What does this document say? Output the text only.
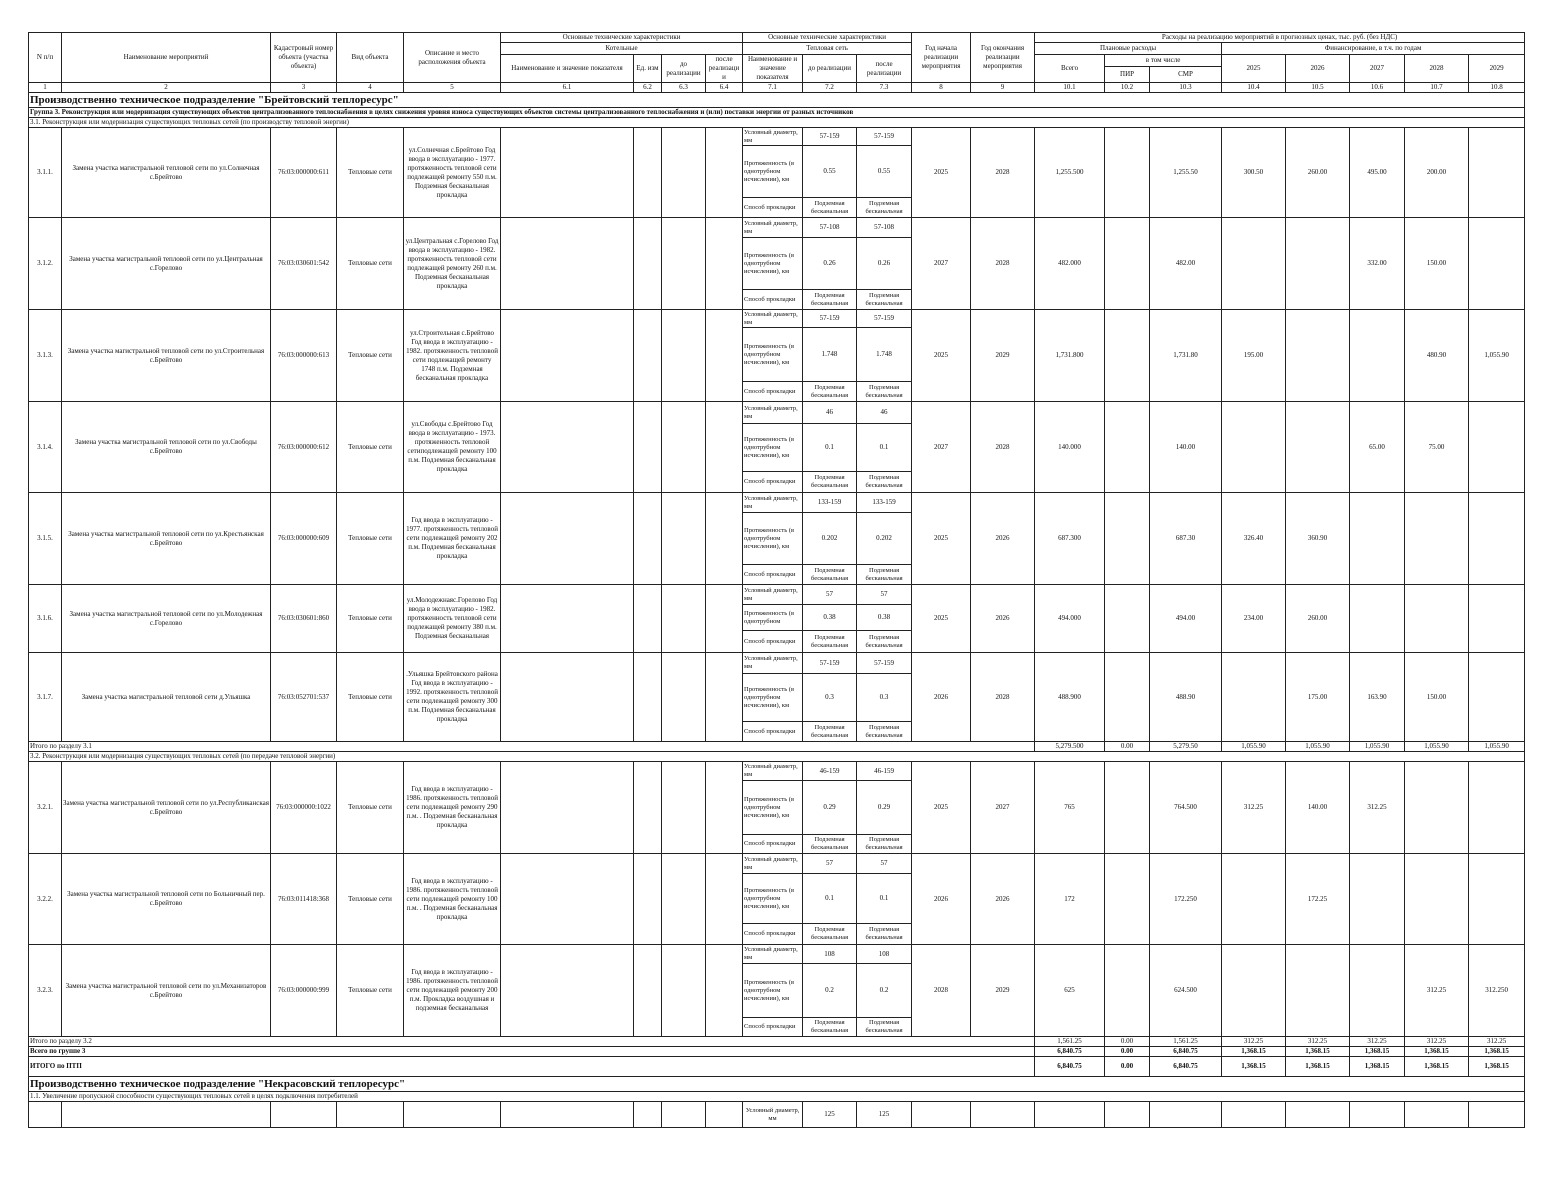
N п/п	Наименование мероприятий	Кадастровый номер объекта (участка объекта)	Вид объекта	Описание и место расположения объекта	Основные технические характеристики				Основные технические характеристики			Год начала реализации мероприятия	Год окончания реализации мероприятия	Расходы на реализацию мероприятий в прогнозных ценах, тыс. руб. (без НДС)							
					Котельные				Тепловая сеть					Плановые расходы			Финансирование, в т.ч. по годам				
					Наименование и значение показателя	Ед. изм	до реализации	после реализации	Наименование и значение показателя	до реализации	после реализации			Всего	в том числе		2025	2026	2027	2028	2029
															ПИР	СМР					
1	2	3	4	5	6.1	6.2	6.3	6.4	7.1	7.2	7.3	8	9	10.1	10.2	10.3	10.4	10.5	10.6	10.7	10.8
Производственно техническое подразделение "Брейтовский теплоресурс"																					
Группа 3. Реконструкция или модернизация существующих объектов централизованного теплоснабжения в целях снижения уровня износа существующих объектов системы централизованного теплоснабжения и (или) поставки энергии от разных источников																					
3.1. Реконструкция или модернизация существующих тепловых сетей (по производству тепловой энергии)																					
3.1.1.	Замена участка магистральной тепловой сети по ул.Солнечная с.Брейтово	76:03:000000:611	Тепловые сети	ул.Солнечная с.Брейтово Год ввода в эксплуатацию - 1977. протяженность тепловой сети подлежащей ремонту 550 п.м. Подземная бесканальная прокладка					Условный диаметр, мм	57-159	57-159	2025	2028	1,255.500		1,255.50	300.50	260.00	495.00	200.00	
									Протяженность (в однотрубном исчислении), км	0.55	0.55										
									Способ прокладки	Подземная бесканальная	Подземная бесканальная										
3.1.2.	Замена участка магистральной тепловой сети по ул.Центральная с.Горелово	76:03:030601:542	Тепловые сети	ул.Центральная с.Горелово Год ввода в эксплуатацию - 1982. протяженность тепловой сети подлежащей ремонту 260 п.м. Подземная бесканальная прокладка					Условный диаметр, мм	57-108	57-108	2027	2028	482.000		482.00			332.00	150.00	
									Протяженность (в однотрубном исчислении), км	0.26	0.26										
									Способ прокладки	Подземная бесканальная	Подземная бесканальная										
3.1.3.	Замена участка магистральной тепловой сети по ул.Строительная с.Брейтово	76:03:000000:613	Тепловые сети	ул.Строительная с.Брейтово Год ввода в эксплуатацию - 1982. протяженность тепловой сети подлежащей ремонту 1748 п.м. Подземная бесканальная прокладка					Условный диаметр, мм	57-159	57-159	2025	2029	1,731.800		1,731.80	195.00			480.90	1,055.90
									Протяженность (в однотрубном исчислении), км	1.748	1.748										
									Способ прокладки	Подземная бесканальная	Подземная бесканальная										
3.1.4.	Замена участка магистральной тепловой сети по ул.Свободы с.Брейтово	76:03:000000:612	Тепловые сети	ул.Свободы с.Брейтово Год ввода в эксплуатацию - 1973. протяженность тепловой сетиподлежащей ремонту 100 п.м. Подземная бесканальная прокладка					Условный диаметр, мм	46	46	2027	2028	140.000		140.00			65.00	75.00	
									Протяженность (в однотрубном исчислении), км	0.1	0.1										
									Способ прокладки	Подземная бесканальная	Подземная бесканальная										
3.1.5.	Замена участка магистральной тепловой сети по ул.Крестьянская с.Брейтово	76:03:000000:609	Тепловые сети	Год ввода в эксплуатацию - 1977. протяженность тепловой сети подлежащей ремонту 202 п.м. Подземная бесканальная прокладка					Условный диаметр, мм	133-159	133-159	2025	2026	687.300		687.30	326.40	360.90			
									Протяженность (в однотрубном исчислении), км	0.202	0.202										
									Способ прокладки	Подземная бесканальная	Подземная бесканальная										
3.1.6.	Замена участка магистральной тепловой сети по ул.Молодежная с.Горелово	76:03:030601:860	Тепловые сети	ул.Молодежнаяс.Горелово Год ввода в эксплуатацию - 1982. протяженность тепловой сети подлежащей ремонту 380 п.м. Подземная бесканальная					Условный диаметр, мм	57	57	2025	2026	494.000		494.00	234.00	260.00			
									Протяженность (в однотрубном	0.38	0.38										
									Способ прокладки	Подземная бесканальная	Подземная бесканальная										
3.1.7.	Замена участка магистральной тепловой сети д.Ульяшка	76:03:052701:537	Тепловые сети	.Ульяшка Брейтовского района Год ввода в эксплуатацию - 1992. протяженность тепловой сети подлежащей ремонту 300 п.м. Подземная бесканальная прокладка					Условный диаметр, мм	57-159	57-159	2026	2028	488.900		488.90		175.00	163.90	150.00	
									Протяженность (в однотрубном исчислении), км	0.3	0.3										
									Способ прокладки	Подземная бесканальная	Подземная бесканальная										
Итого по разделу 3.1														5,279.500	0.00	5,279.50	1,055.90	1,055.90	1,055.90	1,055.90	1,055.90
3.2. Реконструкция или модернизация существующих тепловых сетей (по передаче тепловой энергии)																					
3.2.1.	Замена участка магистральной тепловой сети по ул.Республиканская с.Брейтово	76:03:000000:1022	Тепловые сети	Год ввода в эксплуатацию - 1986. протяженность тепловой сети подлежащей ремонту 290 п.м. . Подземная бесканальная прокладка					Условный диаметр, мм	46-159	46-159	2025	2027	765		764.500	312.25	140.00	312.25		
									Протяженность (в однотрубном исчислении), км	0.29	0.29										
									Способ прокладки	Подземная бесканальная	Подземная бесканальная										
3.2.2.	Замена участка магистральной тепловой сети по Больничный пер. с.Брейтово	76:03:011418:368	Тепловые сети	Год ввода в эксплуатацию - 1986. протяженность тепловой сети подлежащей ремонту 100 п.м. . Подземная бесканальная прокладка					Условный диаметр, мм	57	57	2026	2026	172		172.250		172.25			
									Протяженность (в однотрубном исчислении), км	0.1	0.1										
									Способ прокладки	Подземная бесканальная	Подземная бесканальная										
3.2.3.	Замена участка магистральной тепловой сети по ул.Механизаторов с.Брейтово	76:03:000000:999	Тепловые сети	Год ввода в эксплуатацию - 1986. протяженность тепловой сети подлежащей ремонту 200 п.м. Прокладка воздушная и подземная бесканальная					Условный диаметр, мм	108	108	2028	2029	625		624.500				312.25	312.250
									Протяженность (в однотрубном исчислении), км	0.2	0.2										
									Способ прокладки	Подземная бесканальная	Подземная бесканальная										
Итого по разделу 3.2														1,561.25	0.00	1,561.25	312.25	312.25	312.25	312.25	312.25
Всего по группе 3														6,840.75	0.00	6,840.75	1,368.15	1,368.15	1,368.15	1,368.15	1,368.15
ИТОГО по ПТП														6,840.75	0.00	6,840.75	1,368.15	1,368.15	1,368.15	1,368.15	1,368.15
Производственно техническое подразделение "Некрасовский теплоресурс"																					
1.1. Увеличение пропускной способности существующих тепловых сетей в целях подключения потребителей																					
									Условный диаметр, мм	125	125										
